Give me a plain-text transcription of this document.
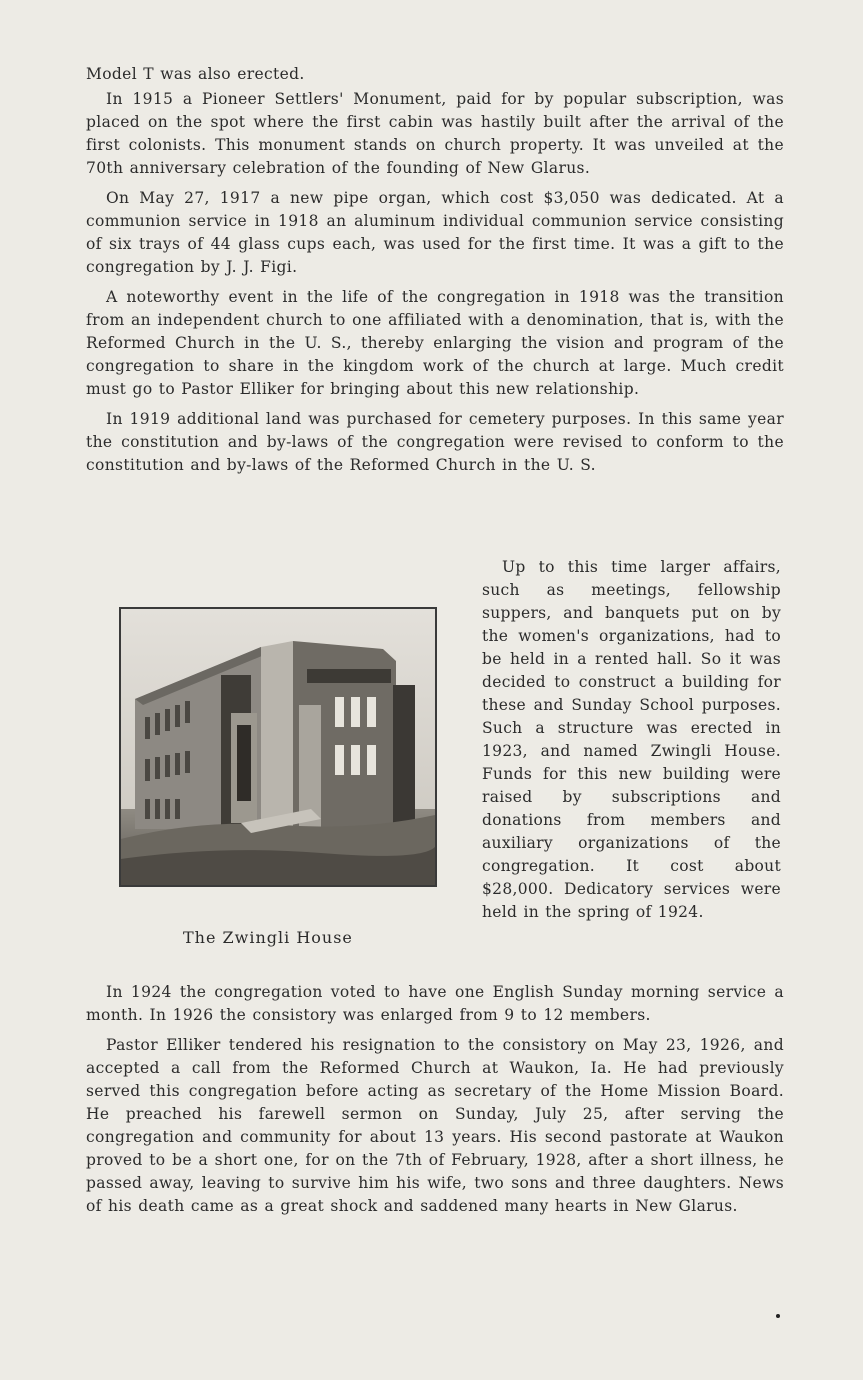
Model T was also erected.

In 1915 a Pioneer Settlers' Monument, paid for by popular subscription, was placed on the spot where the first cabin was hastily built after the arrival of the first colonists. This monument stands on church property. It was unveiled at the 70th anniversary celebration of the founding of New Glarus.

On May 27, 1917 a new pipe organ, which cost $3,050 was dedicated. At a communion service in 1918 an aluminum individual communion service consisting of six trays of 44 glass cups each, was used for the first time. It was a gift to the congregation by J. J. Figi.

A noteworthy event in the life of the congregation in 1918 was the transition from an independent church to one affiliated with a denomination, that is, with the Reformed Church in the U. S., thereby enlarging the vision and program of the congregation to share in the kingdom work of the church at large. Much credit must go to Pastor Elliker for bringing about this new relationship.

In 1919 additional land was purchased for cemetery purposes. In this same year the constitution and by-laws of the congregation were revised to conform to the constitution and by-laws of the Reformed Church in the U. S.

The Zwingli House

Up to this time larger affairs, such as meetings, fellowship suppers, and banquets put on by the women's organizations, had to be held in a rented hall. So it was decided to construct a building for these and Sunday School purposes. Such a structure was erected in 1923, and named Zwingli House. Funds for this new building were raised by subscriptions and donations from members and auxiliary organizations of the congregation. It cost about $28,000. Dedicatory services were held in the spring of 1924.

In 1924 the congregation voted to have one English Sunday morning service a month. In 1926 the consistory was enlarged from 9 to 12 members.

Pastor Elliker tendered his resignation to the consistory on May 23, 1926, and accepted a call from the Reformed Church at Waukon, Ia. He had previously served this congregation before acting as secretary of the Home Mission Board. He preached his farewell sermon on Sunday, July 25, after serving the congregation and community for about 13 years. His second pastorate at Waukon proved to be a short one, for on the 7th of February, 1928, after a short illness, he passed away, leaving to survive him his wife, two sons and three daughters. News of his death came as a great shock and saddened many hearts in New Glarus.
